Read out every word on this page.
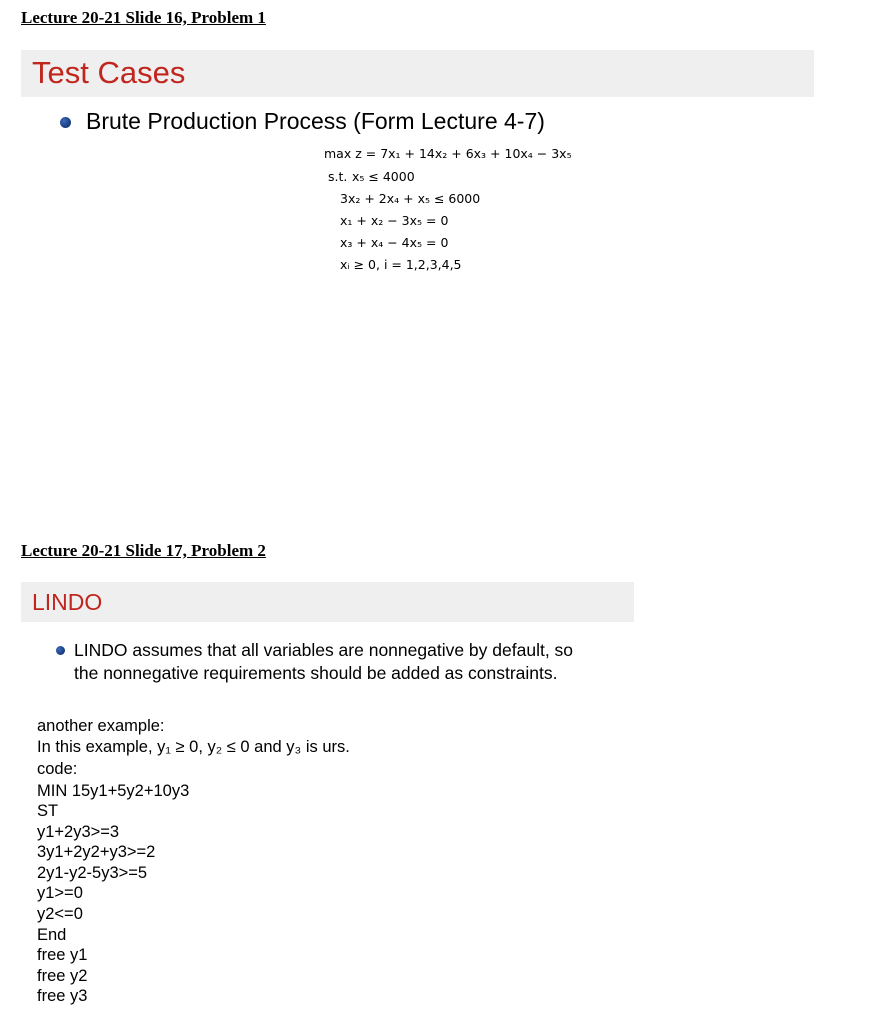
Lecture 20-21 Slide 16, Problem 1
Test Cases
Brute Production Process (Form Lecture 4-7)
max z = 7x₁ + 14x₂ + 6x₃ + 10x₄ − 3x₅
s.t. x₅ ≤ 4000
3x₂ + 2x₄ + x₅ ≤ 6000
x₁ + x₂ − 3x₅ = 0
x₃ + x₄ − 4x₅ = 0
xᵢ ≥ 0, i = 1,2,3,4,5
Lecture 20-21 Slide 17, Problem 2
LINDO
LINDO assumes that all variables are nonnegative by default, so
the nonnegative requirements should be added as constraints.
another example:
In this example, y₁ ≥ 0, y₂ ≤ 0 and y₃ is urs.
code:
MIN 15y1+5y2+10y3
ST
y1+2y3>=3
3y1+2y2+y3>=2
2y1-y2-5y3>=5
y1>=0
y2<=0
End
free y1
free y2
free y3
